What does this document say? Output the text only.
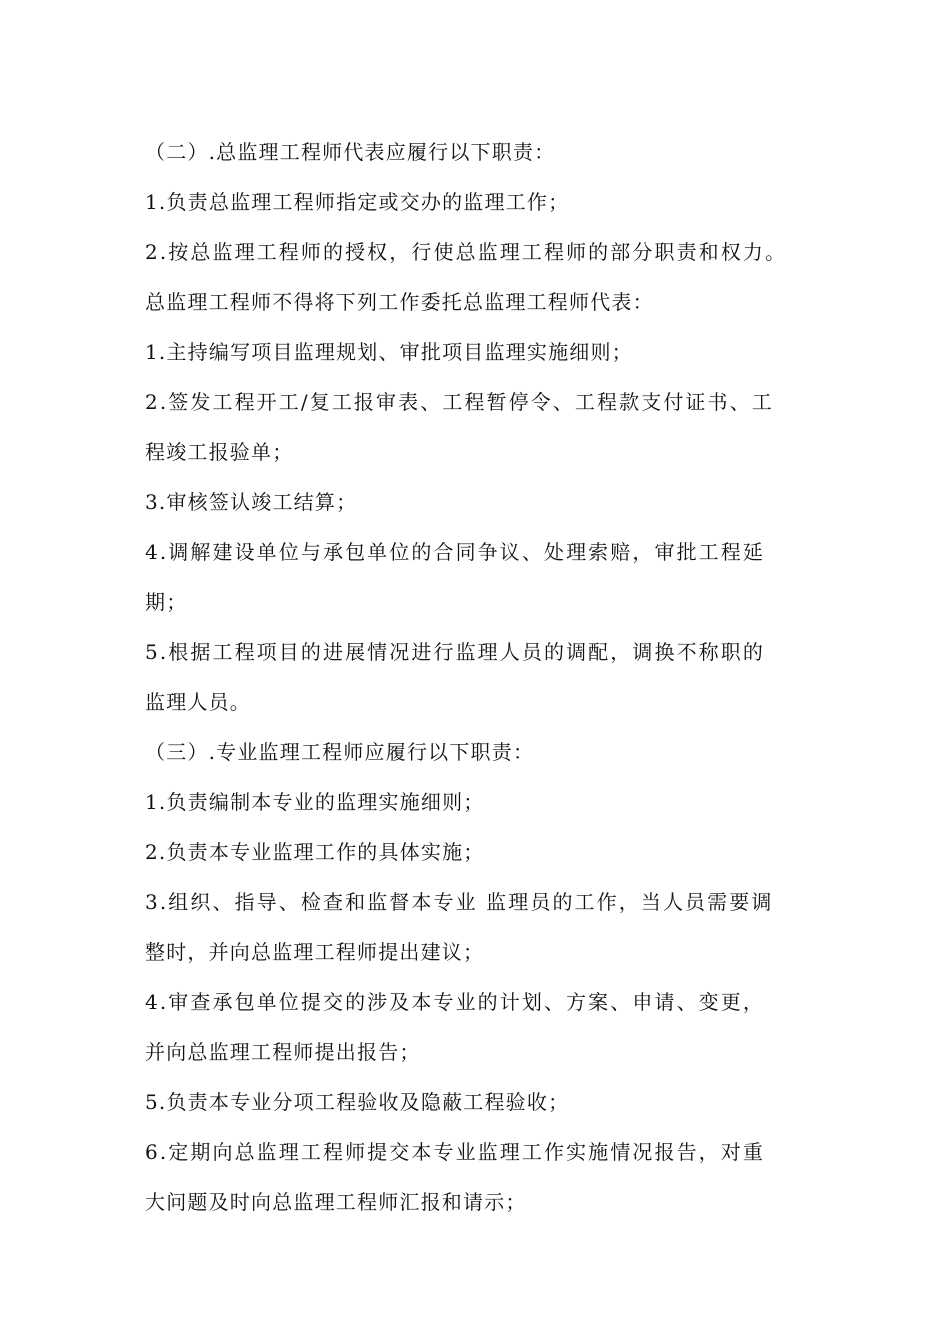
（二）.总监理工程师代表应履行以下职责：
1.负责总监理工程师指定或交办的监理工作；
2.按总监理工程师的授权，行使总监理工程师的部分职责和权力。
总监理工程师不得将下列工作委托总监理工程师代表：
1.主持编写项目监理规划、审批项目监理实施细则；
2.签发工程开工/复工报审表、工程暂停令、工程款支付证书、工
程竣工报验单；
3.审核签认竣工结算；
4.调解建设单位与承包单位的合同争议、处理索赔，审批工程延
期；
5.根据工程项目的进展情况进行监理人员的调配，调换不称职的
监理人员。
（三）.专业监理工程师应履行以下职责：
1.负责编制本专业的监理实施细则；
2.负责本专业监理工作的具体实施；
3.组织、指导、检查和监督本专业 监理员的工作，当人员需要调
整时，并向总监理工程师提出建议；
4.审查承包单位提交的涉及本专业的计划、方案、申请、变更，
并向总监理工程师提出报告；
5.负责本专业分项工程验收及隐蔽工程验收；
6.定期向总监理工程师提交本专业监理工作实施情况报告，对重
大问题及时向总监理工程师汇报和请示；
